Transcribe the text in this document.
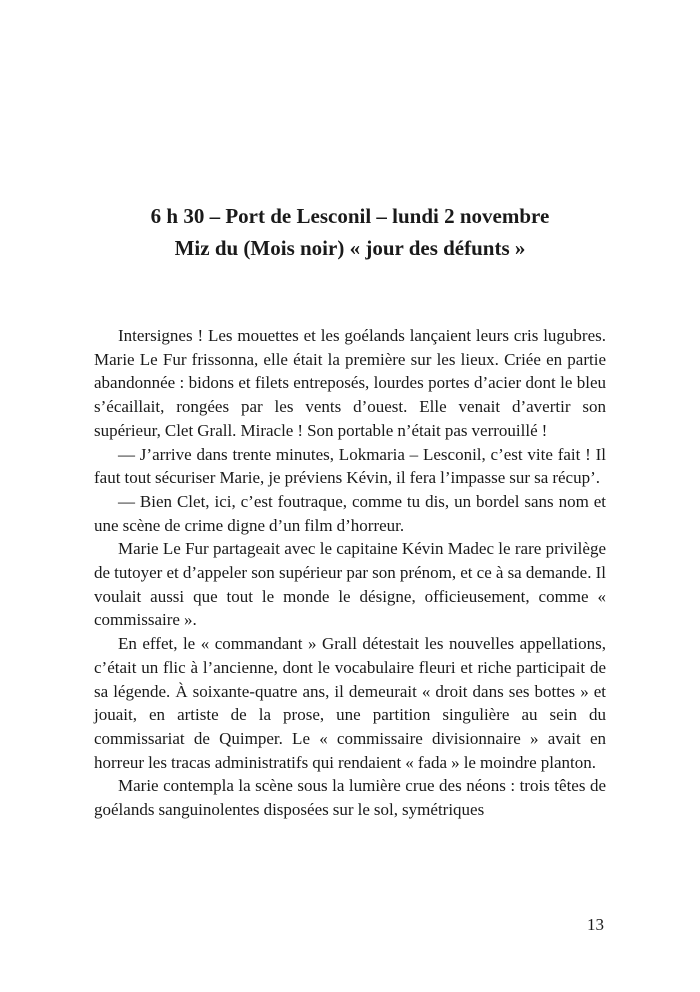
6 h 30 – Port de Lesconil – lundi 2 novembre
Miz du (Mois noir) « jour des défunts »

Intersignes ! Les mouettes et les goélands lançaient leurs cris lugubres. Marie Le Fur frissonna, elle était la première sur les lieux. Criée en partie abandonnée : bidons et filets entreposés, lourdes portes d’acier dont le bleu s’écaillait, rongées par les vents d’ouest. Elle venait d’avertir son supérieur, Clet Grall. Miracle ! Son portable n’était pas verrouillé !

— J’arrive dans trente minutes, Lokmaria – Lesconil, c’est vite fait ! Il faut tout sécuriser Marie, je préviens Kévin, il fera l’impasse sur sa récup’.

— Bien Clet, ici, c’est foutraque, comme tu dis, un bordel sans nom et une scène de crime digne d’un film d’horreur.

Marie Le Fur partageait avec le capitaine Kévin Madec le rare privilège de tutoyer et d’appeler son supérieur par son prénom, et ce à sa demande. Il voulait aussi que tout le monde le désigne, officieusement, comme « commissaire ».

En effet, le « commandant » Grall détestait les nouvelles appellations, c’était un flic à l’ancienne, dont le vocabulaire fleuri et riche participait de sa légende. À soixante-quatre ans, il demeurait « droit dans ses bottes » et jouait, en artiste de la prose, une partition singulière au sein du commissariat de Quimper. Le « commissaire divisionnaire » avait en horreur les tracas administratifs qui rendaient « fada » le moindre planton.

Marie contempla la scène sous la lumière crue des néons : trois têtes de goélands sanguinolentes disposées sur le sol, symétriques

13
